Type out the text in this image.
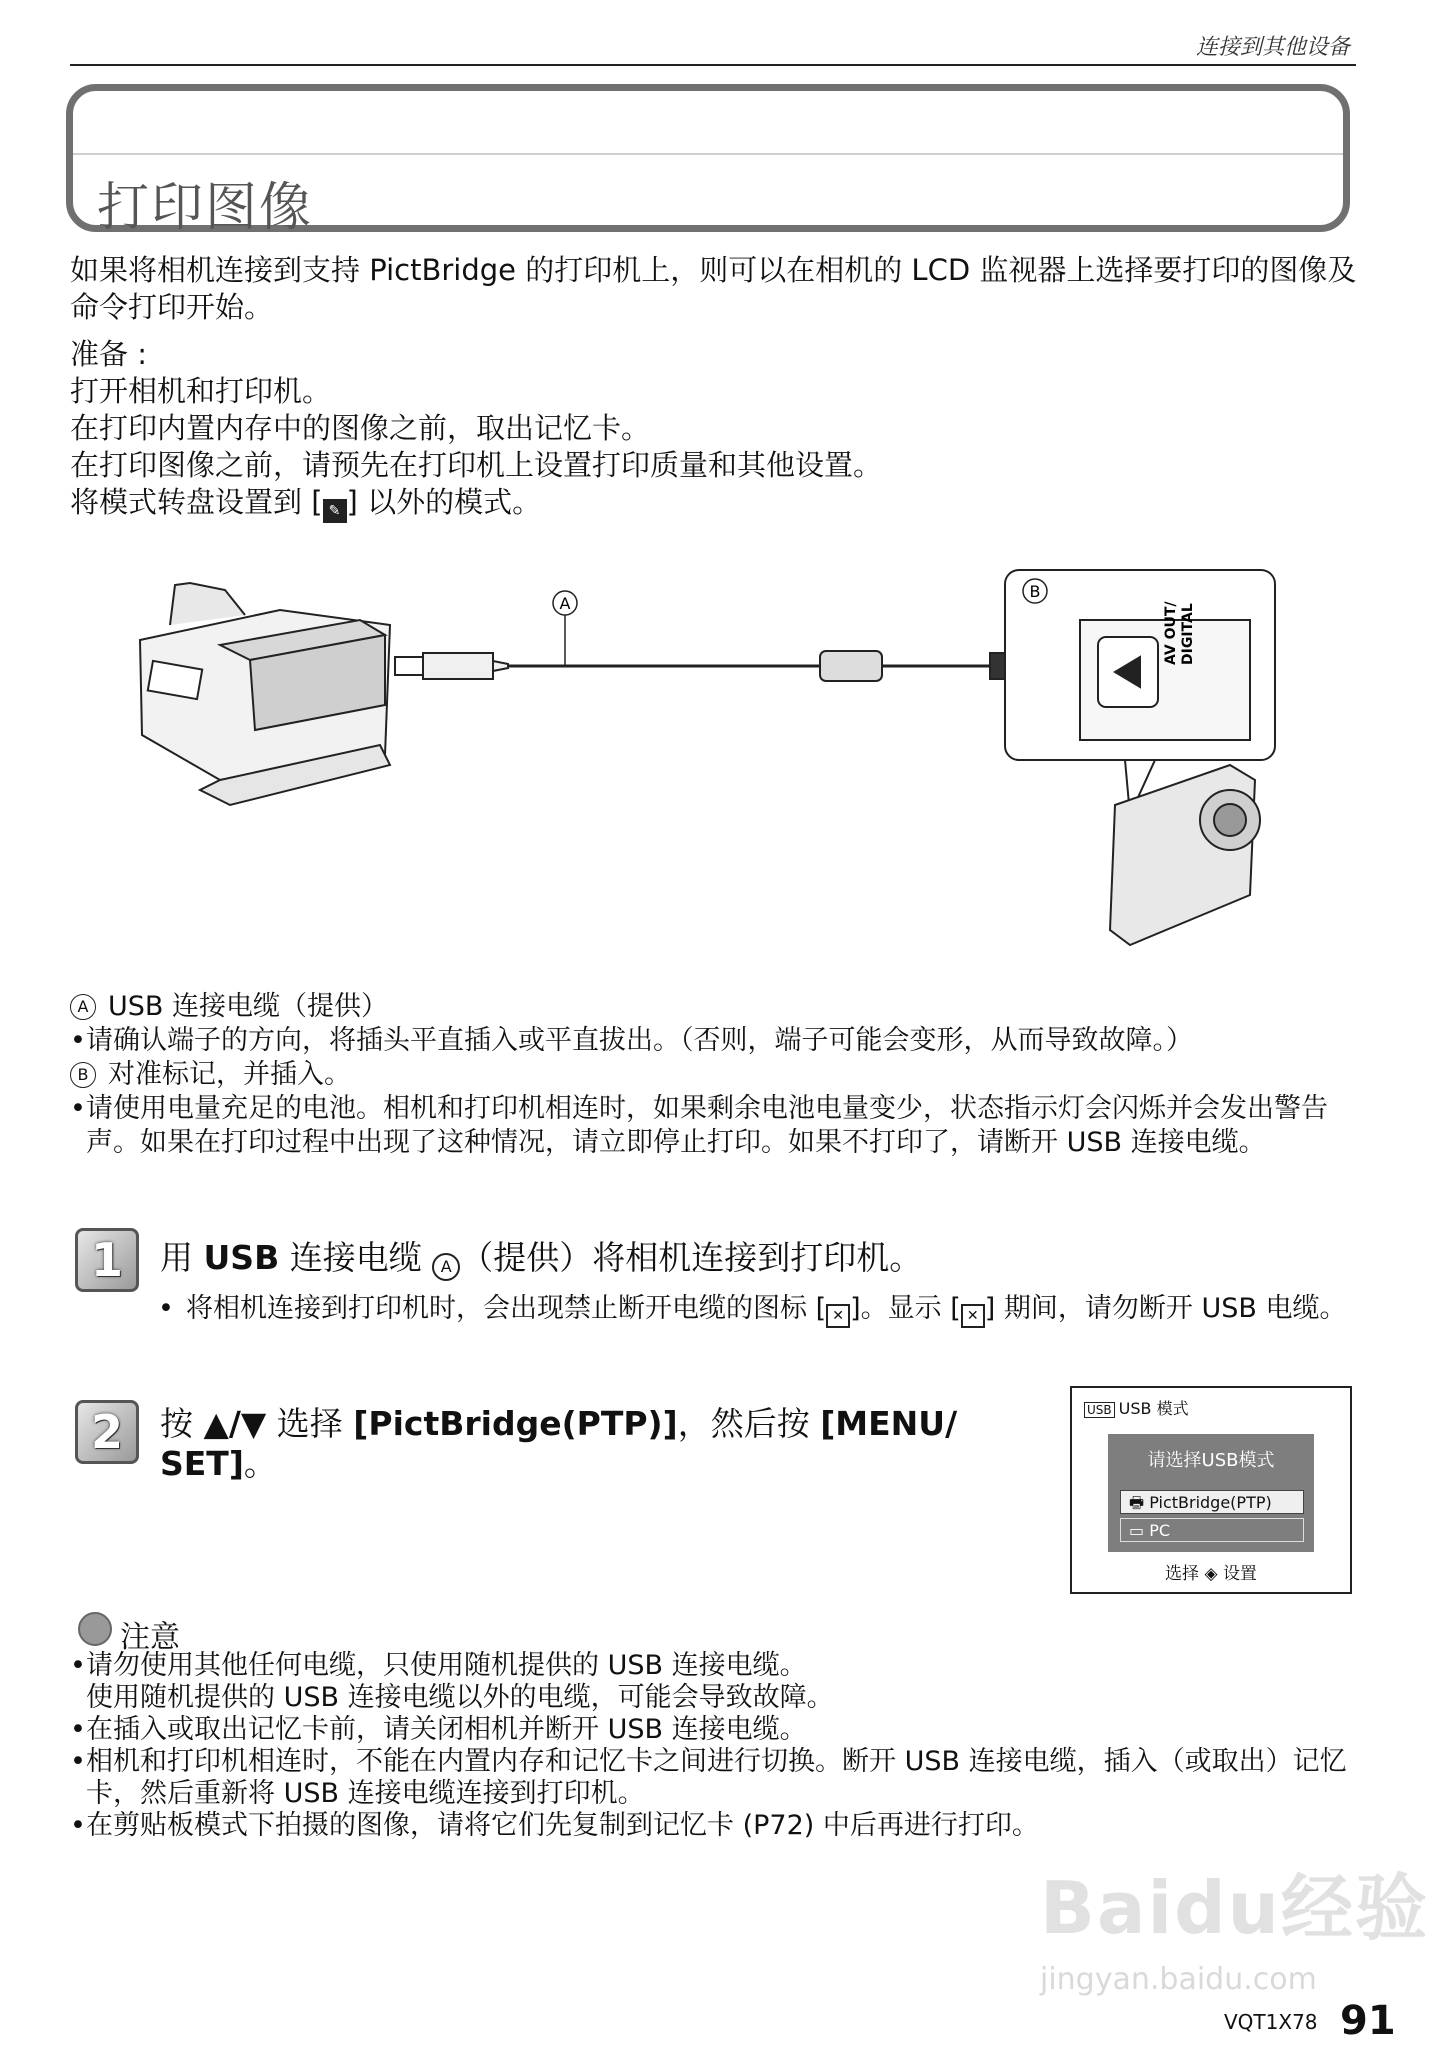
连接到其他设备
打印图像
如果将相机连接到支持 PictBridge 的打印机上，则可以在相机的 LCD 监视器上选择要打印的图像及命令打印开始。
准备 :
打开相机和打印机。
在打印内置内存中的图像之前，取出记忆卡。
在打印图像之前，请预先在打印机上设置打印质量和其他设置。
将模式转盘设置到 [ ✎ ] 以外的模式。
A
B
AV OUT/ DIGITAL
A USB 连接电缆（提供）
• 请确认端子的方向，将插头平直插入或平直拔出。（否则，端子可能会变形，从而导致故障。）
B 对准标记，并插入。
• 请使用电量充足的电池。相机和打印机相连时，如果剩余电池电量变少，状态指示灯会闪烁并会发出警告声。如果在打印过程中出现了这种情况，请立即停止打印。如果不打印了，请断开 USB 连接电缆。
1	用 USB 连接电缆 A （提供）将相机连接到打印机。
• 将相机连接到打印机时，会出现禁止断开电缆的图标 [ ✕ ]。显示 [ ✕ ] 期间，请勿断开 USB 电缆。
2	按 ▲/▼ 选择 [PictBridge(PTP)]，然后按 [MENU/ SET]。
USB USB 模式
请选择USB模式
🖶 PictBridge(PTP)
▭ PC
选择 ◈ 设置
注意
• 请勿使用其他任何电缆，只使用随机提供的 USB 连接电缆。
使用随机提供的 USB 连接电缆以外的电缆，可能会导致故障。
• 在插入或取出记忆卡前，请关闭相机并断开 USB 连接电缆。
• 相机和打印机相连时，不能在内置内存和记忆卡之间进行切换。断开 USB 连接电缆，插入（或取出）记忆卡，然后重新将 USB 连接电缆连接到打印机。
• 在剪贴板模式下拍摄的图像，请将它们先复制到记忆卡 (P72) 中后再进行打印。
Baidu经验
jingyan.baidu.com
VQT1X78 91
